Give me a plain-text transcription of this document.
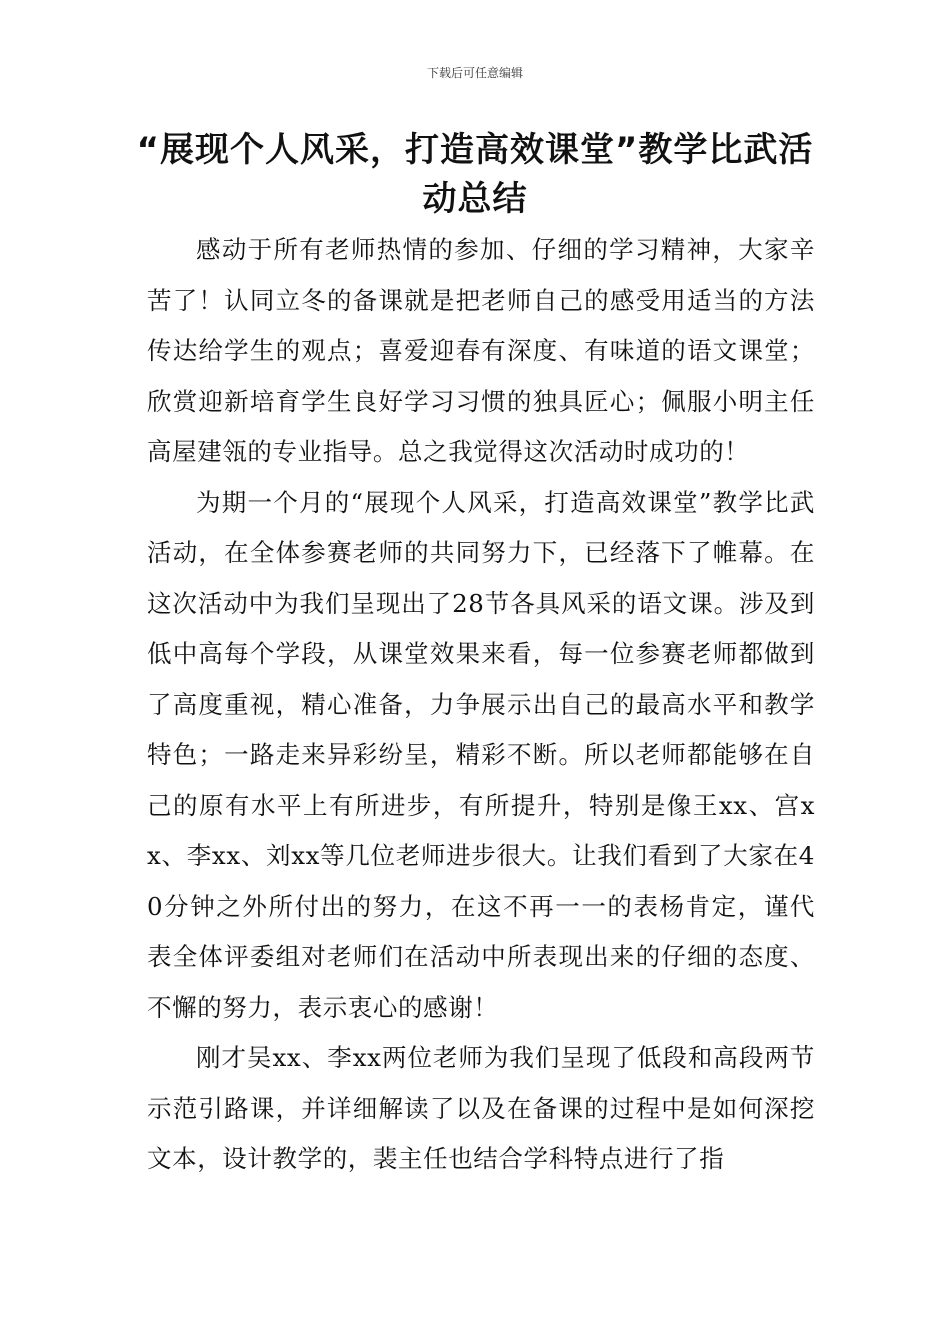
下载后可任意编辑
“展现个人风采，打造高效课堂”教学比武活动总结

感动于所有老师热情的参加、仔细的学习精神，大家辛苦了！认同立冬的备课就是把老师自己的感受用适当的方法传达给学生的观点；喜爱迎春有深度、有味道的语文课堂；欣赏迎新培育学生良好学习习惯的独具匠心；佩服小明主任高屋建瓴的专业指导。总之我觉得这次活动时成功的！

为期一个月的“展现个人风采，打造高效课堂”教学比武活动，在全体参赛老师的共同努力下，已经落下了帷幕。在这次活动中为我们呈现出了28节各具风采的语文课。涉及到低中高每个学段，从课堂效果来看，每一位参赛老师都做到了高度重视，精心准备，力争展示出自己的最高水平和教学特色；一路走来异彩纷呈，精彩不断。所以老师都能够在自己的原有水平上有所进步，有所提升，特别是像王xx、宫xx、李xx、刘xx等几位老师进步很大。让我们看到了大家在40分钟之外所付出的努力，在这不再一一的表杨肯定，谨代表全体评委组对老师们在活动中所表现出来的仔细的态度、不懈的努力，表示衷心的感谢！

刚才吴xx、李xx两位老师为我们呈现了低段和高段两节示范引路课，并详细解读了以及在备课的过程中是如何深挖文本，设计教学的，裴主任也结合学科特点进行了指
